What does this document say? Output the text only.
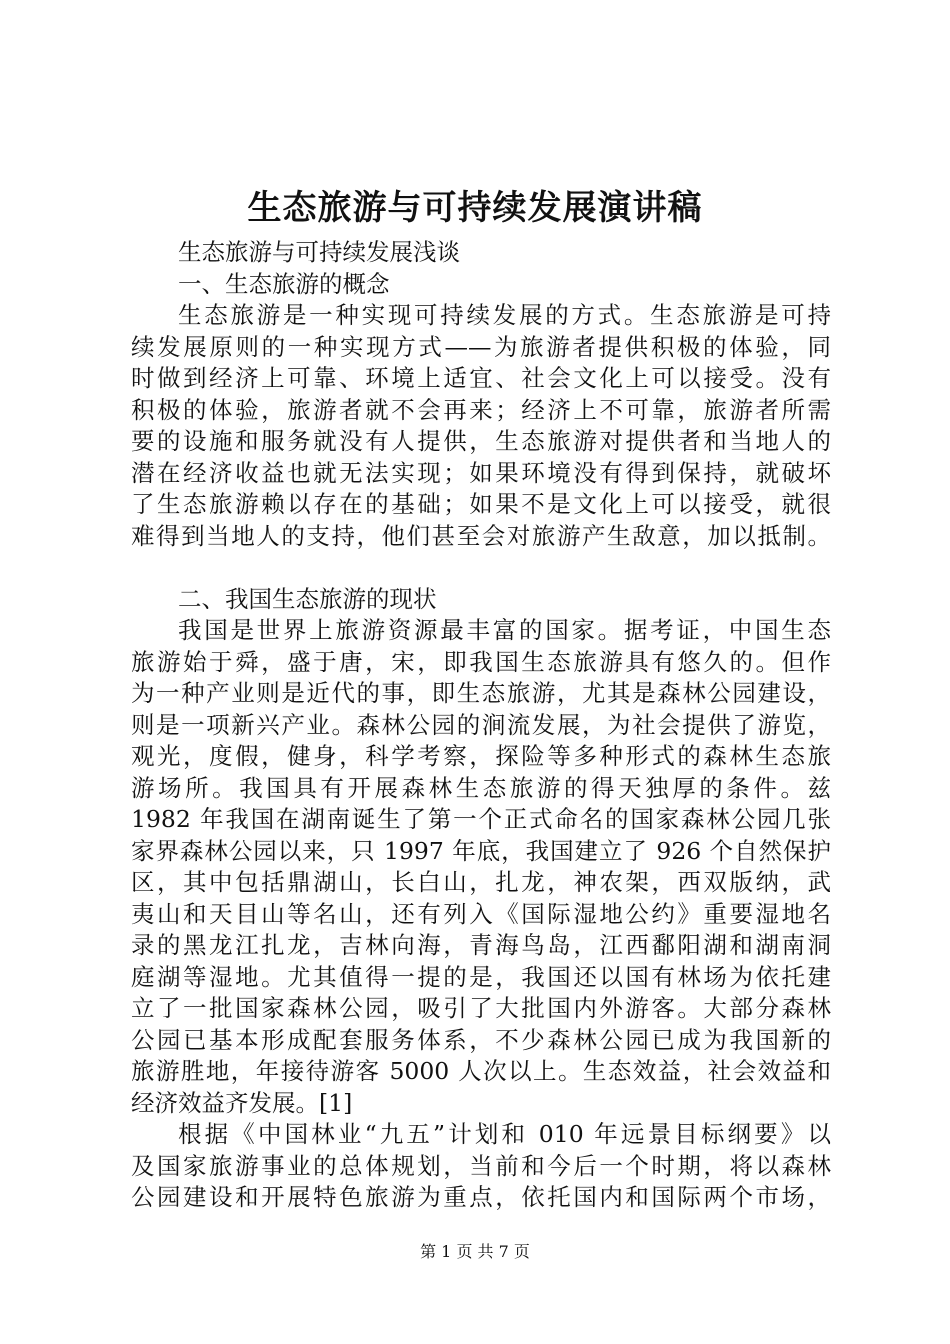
生态旅游与可持续发展演讲稿

生态旅游与可持续发展浅谈

一、生态旅游的概念

生态旅游是一种实现可持续发展的方式。生态旅游是可持

续发展原则的一种实现方式——为旅游者提供积极的体验，同

时做到经济上可靠、环境上适宜、社会文化上可以接受。没有

积极的体验，旅游者就不会再来；经济上不可靠，旅游者所需

要的设施和服务就没有人提供，生态旅游对提供者和当地人的

潜在经济收益也就无法实现；如果环境没有得到保持，就破坏

了生态旅游赖以存在的基础；如果不是文化上可以接受，就很

难得到当地人的支持，他们甚至会对旅游产生敌意，加以抵制。

二、我国生态旅游的现状

我国是世界上旅游资源最丰富的国家。据考证，中国生态

旅游始于舜，盛于唐，宋，即我国生态旅游具有悠久的。但作

为一种产业则是近代的事，即生态旅游，尤其是森林公园建设，

则是一项新兴产业。森林公园的涧流发展，为社会提供了游览，

观光，度假，健身，科学考察，探险等多种形式的森林生态旅

游场所。我国具有开展森林生态旅游的得天独厚的条件。兹

1982 年我国在湖南诞生了第一个正式命名的国家森林公园几张

家界森林公园以来，只 1997 年底，我国建立了 926 个自然保护

区，其中包括鼎湖山，长白山，扎龙，神农架，西双版纳，武

夷山和天目山等名山，还有列入《国际湿地公约》重要湿地名

录的黑龙江扎龙，吉林向海，青海鸟岛，江西鄱阳湖和湖南洞

庭湖等湿地。尤其值得一提的是，我国还以国有林场为依托建

立了一批国家森林公园，吸引了大批国内外游客。大部分森林

公园已基本形成配套服务体系，不少森林公园已成为我国新的

旅游胜地，年接待游客 5000 人次以上。生态效益，社会效益和

经济效益齐发展。[1]

根据《中国林业“九五”计划和 010 年远景目标纲要》以

及国家旅游事业的总体规划，当前和今后一个时期，将以森林

公园建设和开展特色旅游为重点，依托国内和国际两个市场，

第 1 页 共 7 页
